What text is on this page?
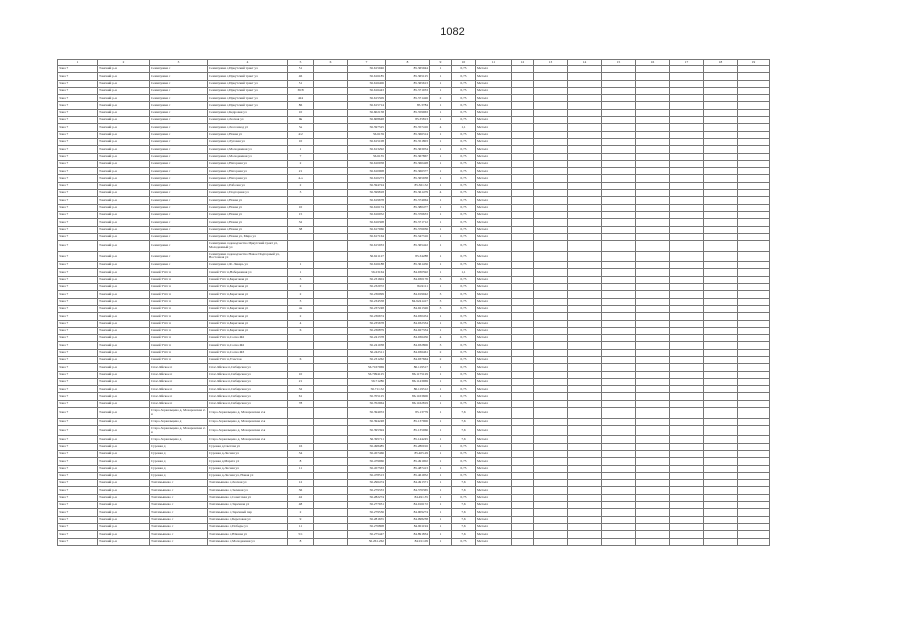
1082
1	2	3	4	5	6	7	8	9	10	11	12	13	14	15	16	17	18	19
Зона 7	Томский р-н	Семилужки с	Семилужки с,Иркутский тракт ул	51		56.615946	85.365944	1	0,75	Металл								
Зона 7	Томский р-н	Семилужки с	Семилужки с,Иркутский тракт ул	46		56.616185	85.365125	1	0,75	Металл								
Зона 7	Томский р-н	Семилужки с	Семилужки с,Иркутский тракт ул	51		56.616406	85.365613	1	0,75	Металл								
Зона 7	Томский р-н	Семилужки с	Семилужки с,Иркутский тракт ул	36/8		56.616443	85.371033	1	0,75	Металл								
Зона 7	Томский р-н	Семилужки с	Семилужки с,Иркутский тракт ул	424		56.615509	85.371426	2	0,75	Металл								
Зона 7	Томский р-н	Семилужки с	Семилужки с,Иркутский тракт ул	86		56.615714	85.3784	1	0,75	Металл								
Зона 7	Томский р-н	Семилужки с	Семилужки с,Кедровая ул	10		56.602158	85.359963	1	0,75	Металл								
Зона 7	Томский р-н	Семилужки с	Семилужки с,Лесная ул	9в		56.608648	85.35813	1	0,75	Металл								
Зона 7	Томский р-н	Семилужки с	Семилужки с,Лесозавод ул	5а		56.597525	85.357416	4	1,1	Металл								
Зона 7	Томский р-н	Семилужки с	Семилужки с,Новая ул	4/2		56.6159	85.366314	1	0,75	Металл								
Зона 7	Томский р-н	Семилужки с	Семилужки с,Луговая ул	10		56.615108	85.351803	1	0,75	Металл								
Зона 7	Томский р-н	Семилужки с	Семилужки с,Молодежная ул	1		56.613292	85.363054	1	0,75	Металл								
Зона 7	Томский р-н	Семилужки с	Семилужки с,Молодежная ул	7		56.6135	85.367867	1	0,75	Металл								
Зона 7	Томский р-н	Семилужки с	Семилужки с,Нагорная ул	2		56.610058	85.360428	1	0,75	Металл								
Зона 7	Томский р-н	Семилужки с	Семилужки с,Нагорная ул	21		56.610908	85.366377	1	0,75	Металл								
Зона 7	Томский р-н	Семилужки с	Семилужки с,Нагорная ул	4-а		56.610273	85.365938	1	0,75	Металл								
Зона 7	Томский р-н	Семилужки с	Семилужки с,Рабочая ул	2		56.594724	85.361.52	1	0,75	Металл								
Зона 7	Томский р-н	Семилужки с	Семилужки с,Подгорная ул	3		56.599818	85.361479	4	0,75	Металл								
Зона 7	Томский р-н	Семилужки с	Семилужки с,Новая ул			56.619678	85.374064	1	0,75	Металл								
Зона 7	Томский р-н	Семилужки с	Семилужки с,Новая ул	10		56.616174	85.380477	1	0,75	Металл								
Зона 7	Томский р-н	Семилужки с	Семилужки с,Новая ул	15		56.616052	85.376633	1	0,75	Металл								
Зона 7	Томский р-н	Семилужки с	Семилужки с,Новая ул	32		56.616308	85.371712	1	0,75	Металл								
Зона 7	Томский р-н	Семилужки с	Семилужки с,Новая ул	38		56.617066	85.376036	1	0,75	Металл								
Зона 7	Томский р-н	Семилужки с	Семилужки с,Новая ул, Мира ул			56.617164	85.347316	1	0,75	Металл								
Зона 7	Томский р-н	Семилужки с	Семилужки садоводчество Иркутский тракт ул, Молодежный ул			56.615933	85.365422	1	0,75	Металл								
Зона 7	Томский р-н	Семилужки с	Семилужки садоводчество Новое Подгорный ул, Восточная ул			56.621127	85.34288	1	0,75	Металл								
Зона 7	Томский р-н	Семилужки с	Семилужки с,Ф. Лекарь ул	1		56.616188	85.361456	1	0,75	Металл								
Зона 7	Томский р-н	Синий Утёс п	Синий Утёс п,Набережная ул	1		56.23164	84.930592	1	1,1	Металл								
Зона 7	Томский р-н	Синий Утёс п	Синий Утёс п,Береговая ул	3		56.231604	84.930176	3	0,75	Металл								
Зона 7	Томский р-н	Синий Утёс п	Синий Утёс п,Береговая ул	2		56.232072	84.9111	1	0,75	Металл								
Зона 7	Томский р-н	Синий Утёс п	Синий Утёс п,Береговая ул	2		56.236099	84.919042	3	0,75	Металл								
Зона 7	Томский р-н	Синий Утёс п	Синий Утёс п,Береговая ул	3		56.234558	84.9241417	3	0,75	Металл								
Зона 7	Томский р-н	Синий Утёс п	Синий Утёс п,Береговая ул	4а		56.237248	84.921326	3	0,75	Металл								
Зона 7	Томский р-н	Синий Утёс п	Синий Утёс п,Береговая ул	2		56.236674	84.930454	1	0,75	Металл								
Зона 7	Томский р-н	Синий Утёс п	Синий Утёс п,Береговая ул	4		56.235678	84.932334	1	0,75	Металл								
Зона 7	Томский р-н	Синий Утёс п	Синий Утёс п,Береговая ул	6		56.236879	84.927334	1	0,75	Металл								
Зона 7	Томский р-н	Синий Утёс п	Синий Утёс п,Сосна Ж2			56.241378	84.936456	4	0,75	Металл								
Зона 7	Томский р-н	Синий Утёс п	Синий Утёс п,Сосна Ж2			56.241038	84.932806	3	0,75	Металл								
Зона 7	Томский р-н	Синий Утёс п	Синий Утёс п,Сосна Ж3			56.242511	84.936461	2	0,75	Металл								
Зона 7	Томский р-н	Синий Утёс п	Синий Утёс п,Участок	6		56.231262	84.937664	2	0,75	Металл								
Зона 7	Томский р-н	Спас-Яйское п	Спас-Яйское п,Сибирская ул			56.7167969	86.119517	1	0,75	Металл								
Зона 7	Томский р-н	Спас-Яйское п	Спас-Яйское п,Сибирская ул	10		56.7094125	86.1175129	1	0,75	Металл								
Зона 7	Томский р-н	Спас-Яйское п	Спас-Яйское п,Сибирская ул	21		56.71286	86.1143969	1	0,75	Металл								
Зона 7	Томский р-н	Спас-Яйское п	Спас-Яйское п,Сибирская ул	32		56.711.52	86.119512	1	0,75	Металл								
Зона 7	Томский р-н	Спас-Яйское п	Спас-Яйское п,Сибирская ул	61		56.705125	86.1163606	1	0,75	Металл								
Зона 7	Томский р-н	Спас-Яйское п	Спас-Яйское п,Сибирская ул	78		56.702964	86.1162819	1	0,75	Металл								
Зона 7	Томский р-н	Старо-Зоркальцево д, Мочаровская 2-я	Старо-Зоркальцево д, Мочаровская 2-я			56.394053	85.13779	1	7,6	Металл								
Зона 7	Томский р-н	Старо-Зоркальцево д	Старо-Зоркальцево д, Мочаровская 2-я			56.394248	85.137906	1	7,6	Металл								
Зона 7	Томский р-н	Старо-Зоркальцево д, Мочаровская 2-я	Старо-Зоркальцево д, Мочаровская 2-я			56.395394	85.135066	1	7,6	Металл								
Зона 7	Томский р-н	Старо-Зоркальцево д	Старо-Зоркальцево д, Мочаровская 2-я			56.395711	85.144245	1	7,6	Металл								
Зона 7	Томский р-н	Суровка д	Суровка д,Светлая ул	16		56.498485	85.280016	1	0,75	Металл								
Зона 7	Томский р-н	Суровка д	Суровка д,Лесная ул	34		56.457466	85.405.29	1	0,75	Металл								
Зона 7	Томский р-н	Суровка д	Суровка д,Марата ул	8		56.479966	85.491002	1	0,75	Металл								
Зона 7	Томский р-н	Суровка д	Суровка д,Лесная ул	11		56.457563	85.487413	1	0,75	Металл								
Зона 7	Томский р-н	Суровка д	Суровка д,Лесная ул, Новая ул			56.478513	85.461952	1	0,75	Металл								
Зона 7	Томский р-н	Тахтамышево с	Тахтамышево с,Лесная ул	12		56.296474	84.491371	1	7,6	Металл								
Зона 7	Томский р-н	Тахтамышево с	Тахтамышево с,Зеленая ул	36		56.279333	84.376365	1	7,6	Металл								
Зона 7	Томский р-н	Тахтамышево с	Тахтамышево с,Советская ул	42		56.282274	84.491.35	1	0,75	Металл								
Зона 7	Томский р-н	Тахтамышево с	Тахтамышево с,Заречная ул	48		56.277931	84.916172	1	7,6	Металл								
Зона 7	Томский р-н	Тахтамышево с	Тахтамышево с,Заречный пер	2		56.279536	84.909274	1	7,6	Металл								
Зона 7	Томский р-н	Тахтамышево с	Тахтамышево с,Береговая ул	9		56.281655	84.098238	1	7,6	Металл								
Зона 7	Томский р-н	Тахтамышево с	Тахтамышево с,Победы ул	11		56.276808	84.901194	1	7,6	Металл								
Зона 7	Томский р-н	Тахтамышево с	Тахтамышево с,Южная ул	5/1		56.275447	84.891834	1	7,6	Металл								
Зона 7	Томский р-н	Тахтамышево с	Тахтамышево с,Молодежная ул	8		56.261.262	84.911.09	1	0,75	Металл								
